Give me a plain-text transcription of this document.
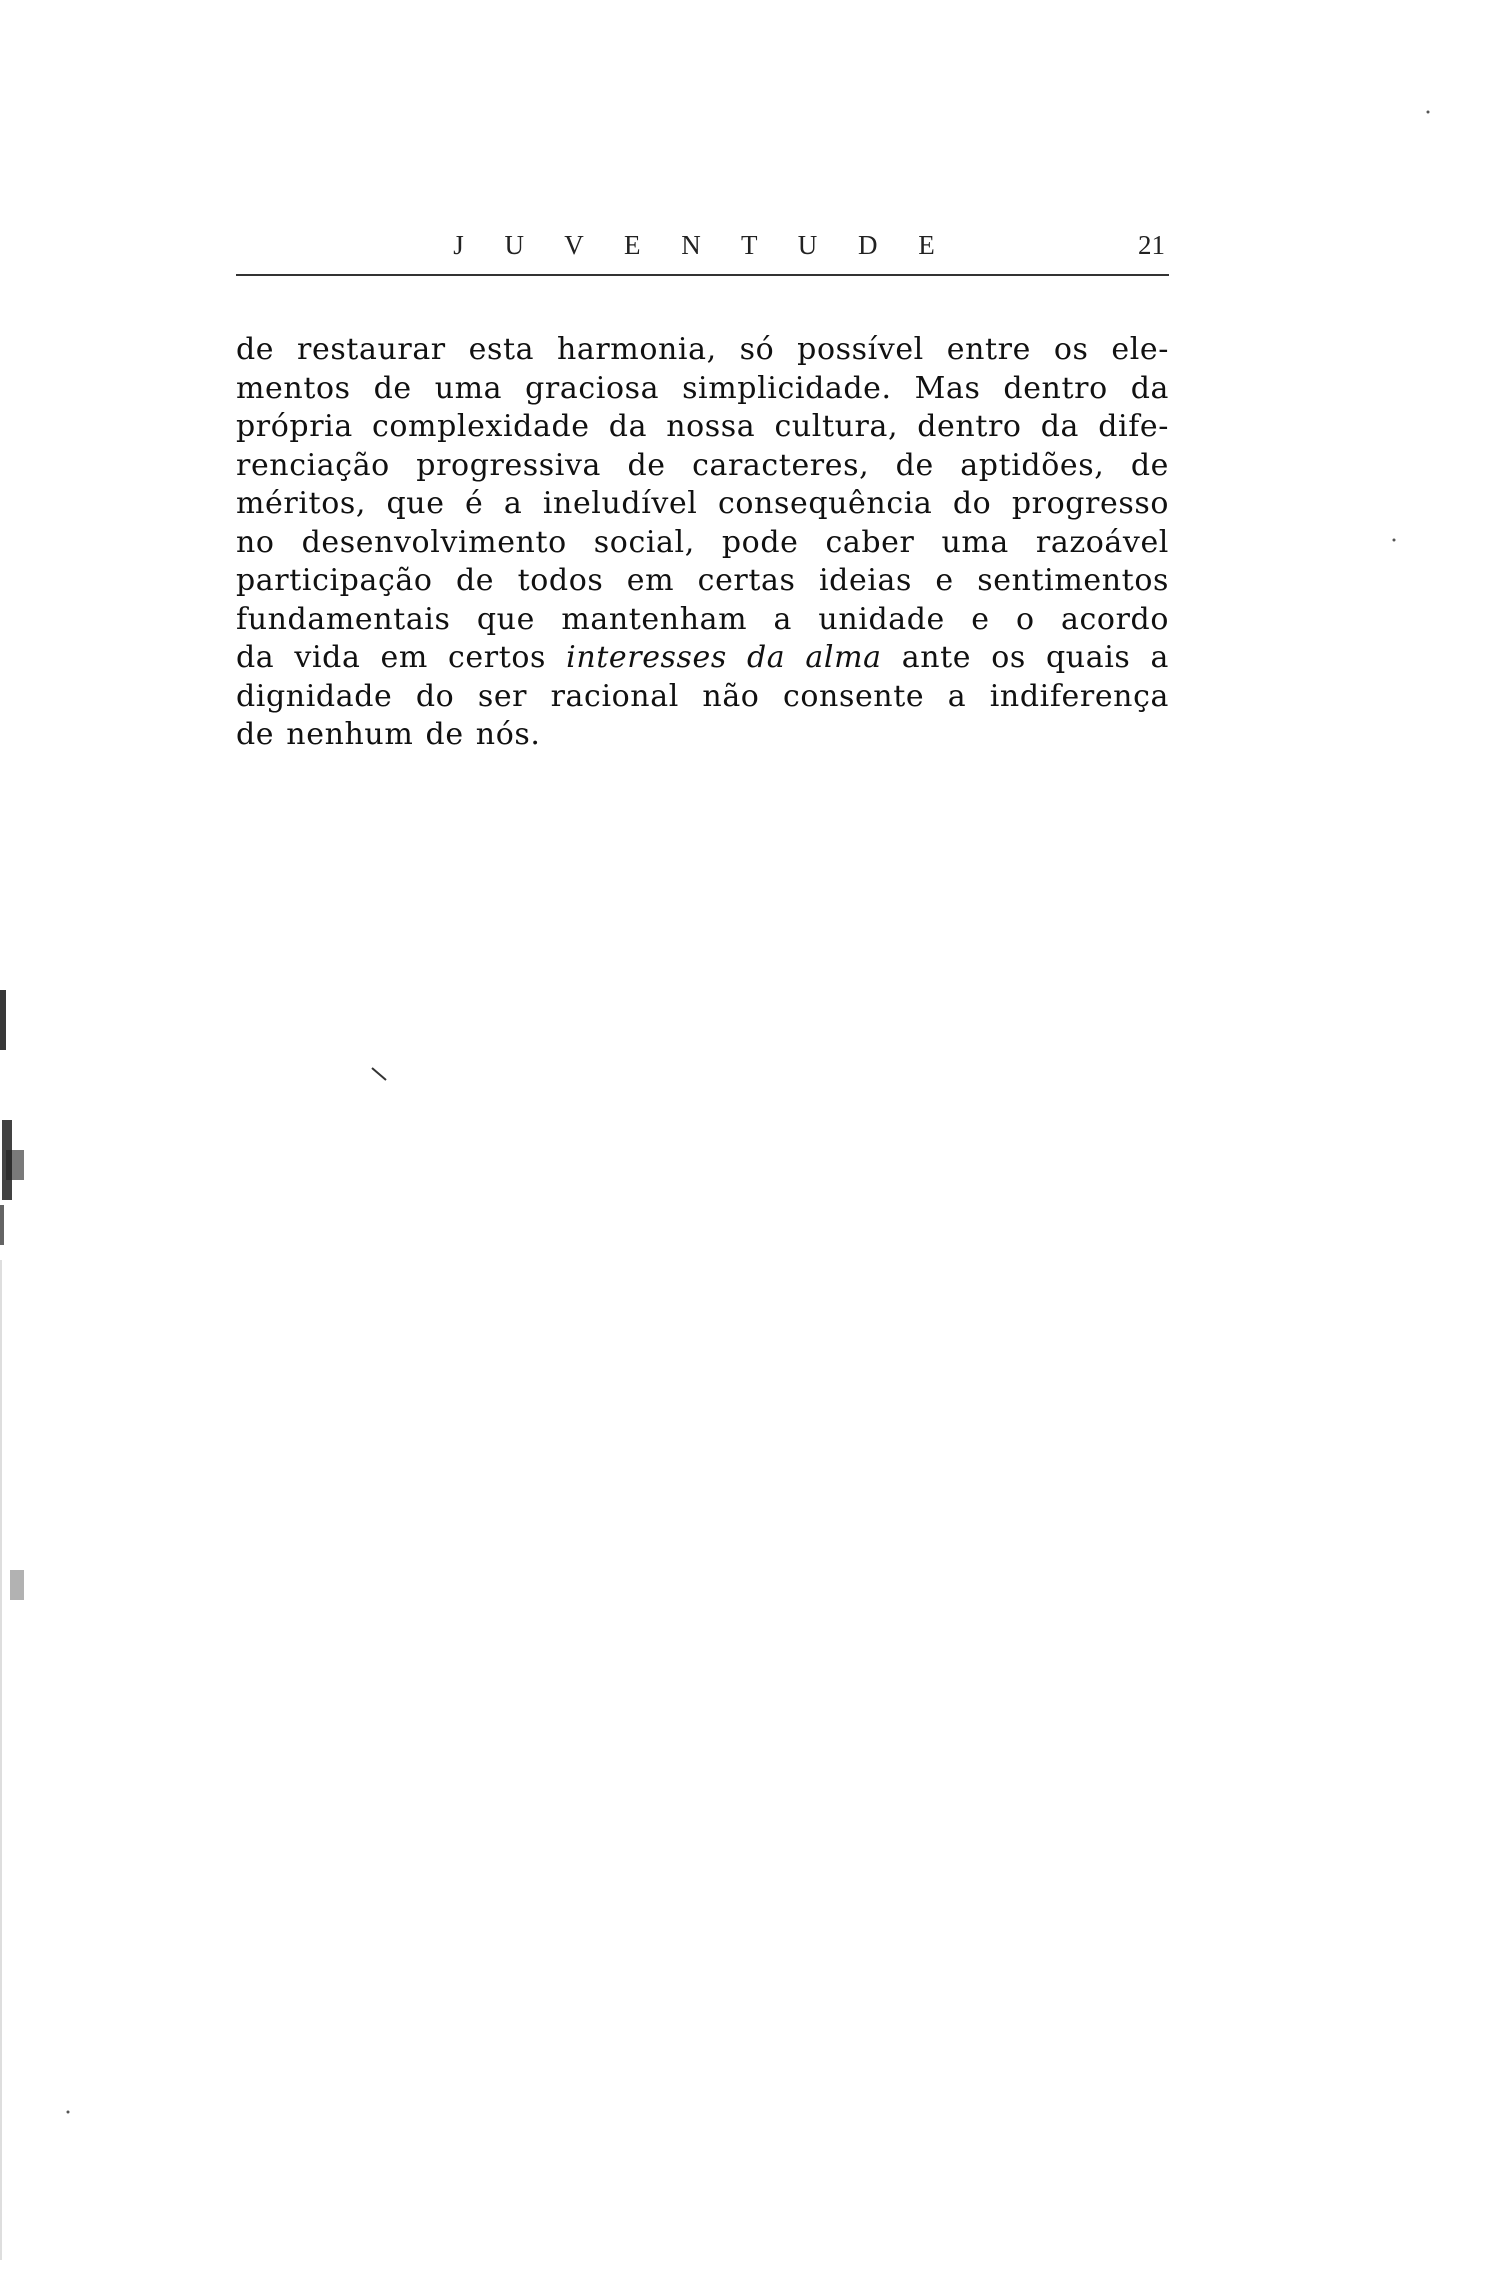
J U V E N T U D E	21
de restaurar esta harmonia, só possível entre os ele-
mentos de uma graciosa simplicidade. Mas dentro da
própria complexidade da nossa cultura, dentro da dife-
renciação progressiva de caracteres, de aptidões, de
méritos, que é a ineludível consequência do progresso
no desenvolvimento social, pode caber uma razoável
participação de todos em certas ideias e sentimentos
fundamentais que mantenham a unidade e o acordo
da vida em certos interesses da alma ante os quais a
dignidade do ser racional não consente a indiferença
de nenhum de nós.
